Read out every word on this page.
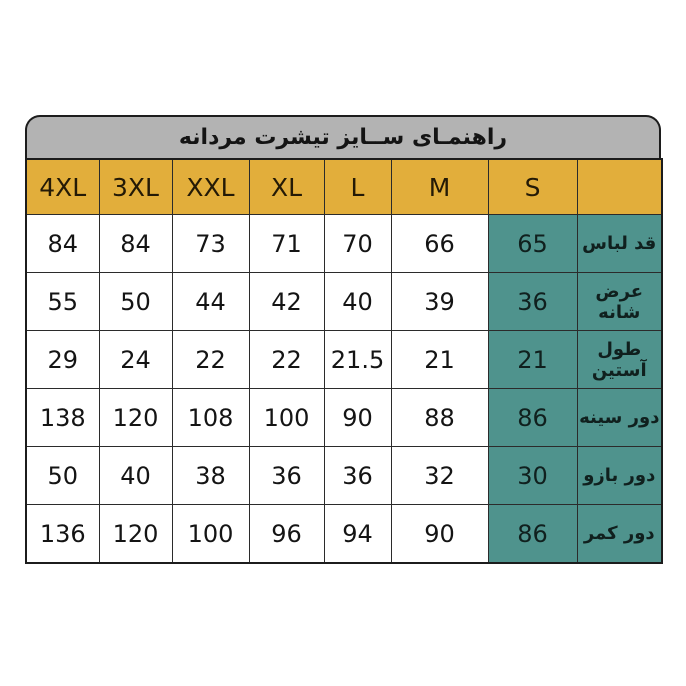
راهنمـای ســایز تیشرت مردانه
4XL	3XL	XXL	XL	L	M	S	
84	84	73	71	70	66	65	قد لباس
55	50	44	42	40	39	36	عرض شانه
29	24	22	22	21.5	21	21	طول آستین
138	120	108	100	90	88	86	دور سینه
50	40	38	36	36	32	30	دور بازو
136	120	100	96	94	90	86	دور کمر
